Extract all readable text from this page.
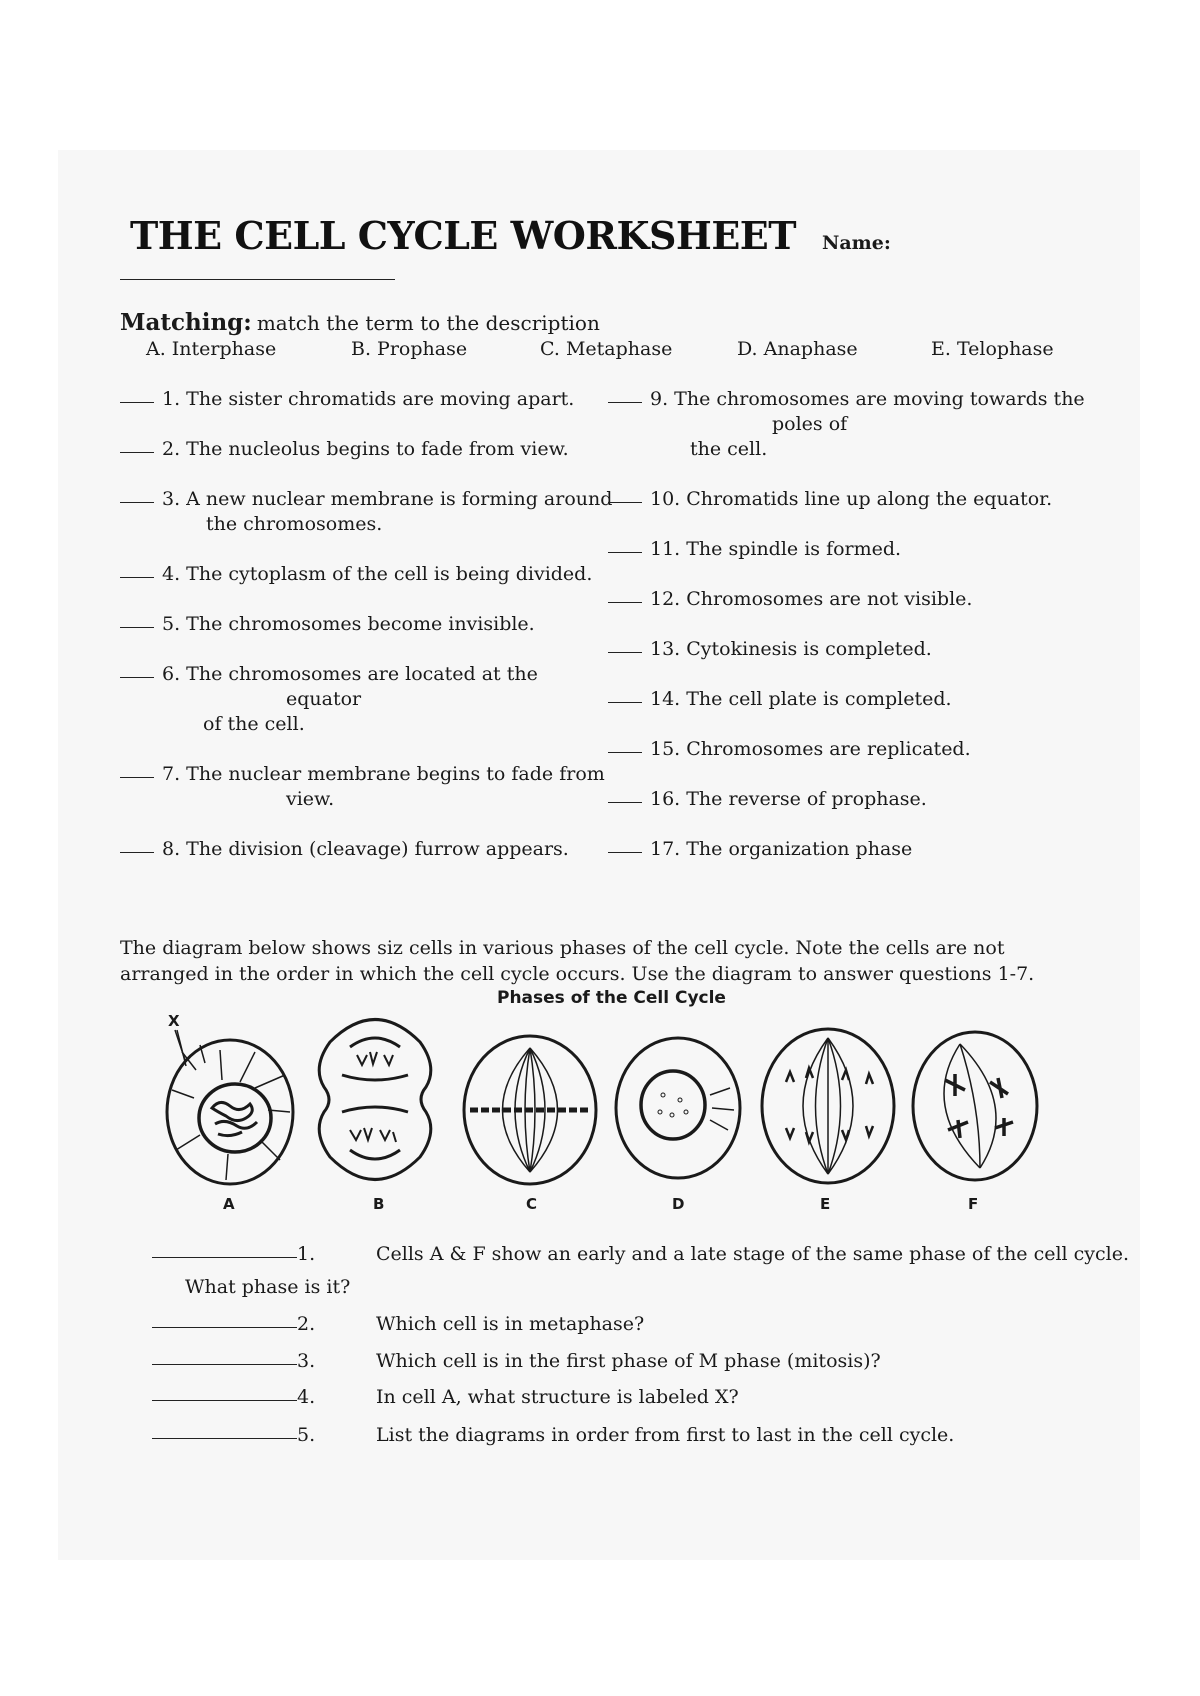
THE CELL CYCLE WORKSHEET Name:
Matching: match the term to the description
A. Interphase	B. Prophase	C. Metaphase	D. Anaphase	E. Telophase
1. The sister chromatids are moving apart.
2. The nucleolus begins to fade from view.
3. A new nuclear membrane is forming around
the chromosomes.
4. The cytoplasm of the cell is being divided.
5. The chromosomes become invisible.
6. The chromosomes are located at the
equator
of the cell.
7. The nuclear membrane begins to fade from
view.
8. The division (cleavage) furrow appears.
9. The chromosomes are moving towards the
poles of
the cell.
10. Chromatids line up along the equator.
11. The spindle is formed.
12. Chromosomes are not visible.
13. Cytokinesis is completed.
14. The cell plate is completed.
15. Chromosomes are replicated.
16. The reverse of prophase.
17. The organization phase
The diagram below shows siz cells in various phases of the cell cycle. Note the cells are not arranged in the order in which the cell cycle occurs. Use the diagram to answer questions 1-7.
Phases of the Cell Cycle
X
A	B	C	D	E	F
1.	Cells A & F show an early and a late stage of the same phase of the cell cycle.
What phase is it?
2.	Which cell is in metaphase?
3.	Which cell is in the first phase of M phase (mitosis)?
4.	In cell A, what structure is labeled X?
5.	List the diagrams in order from first to last in the cell cycle.
